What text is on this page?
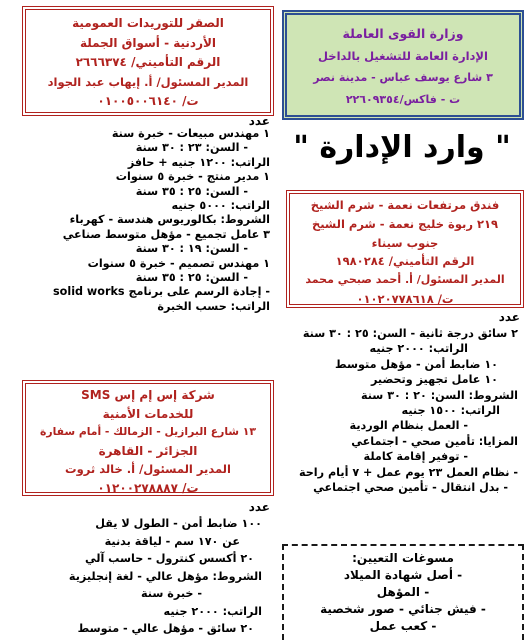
وزارة القوى العاملة
الإدارة العامة للتشغيل بالداخل
٣ شارع يوسف عباس - مدينة نصر
ت - فاكس/٢٢٦٠٩٣٥٤
الصقر للتوريدات العمومية
الأردنية - أسواق الجملة
الرقم التأميني/ ٢٦٦٦٣٧٤
المدير المسئول/ أ. إيهاب عبد الجواد
ت/ ٠١٠٠٥٠٠٦١٤٠
" وارد الإدارة "
عدد
١ مهندس مبيعات - خبرة سنة
- السن: ٢٣ : ٣٠ سنة
الراتب: ١٢٠٠ جنيه + حافز
١ مدير منتج - خبرة ٥ سنوات
- السن: ٢٥ : ٣٥ سنة
الراتب: ٥٠٠٠ جنيه
الشروط: بكالوريوس هندسة - كهرباء
٣ عامل تجميع - مؤهل متوسط صناعي
- السن: ١٩ : ٣٠ سنة
١ مهندس تصميم - خبرة ٥ سنوات
- السن: ٢٥ : ٣٥ سنة
- إجادة الرسم على برنامج solid works
الراتب: حسب الخبرة
فندق مرتفعات نعمة - شرم الشيخ
٢١٩ ربوة خليج نعمة - شرم الشيخ
جنوب سيناء
الرقم التأميني/ ١٩٨٠٢٨٤
المدير المسئول/ أ. أحمد صبحي محمد
ت/ ٠١٠٢٠٧٧٨٦١٨
عدد
٢ سائق درجة ثانية - السن: ٢٥ : ٣٠ سنة
الراتب: ٢٠٠٠ جنيه
١٠ ضابط أمن - مؤهل متوسط
١٠ عامل تجهيز وتحضير
الشروط: السن: ٢٠ : ٣٠ سنة
الراتب: ١٥٠٠ جنيه
- العمل بنظام الوردية
المزايا: تأمين صحي - اجتماعي
- توفير إقامة كاملة
- نظام العمل ٢٣ يوم عمل + ٧ أيام راحة
- بدل انتقال - تأمين صحي اجتماعي
شركة إس إم إس SMS
للخدمات الأمنية
١٣ شارع البرازيل - الزمالك - أمام سفارة
الجزائر - القاهرة
المدير المسئول/ أ. خالد ثروت
ت/ ٠١٢٠٠٢٧٨٨٨٧
عدد
١٠٠ ضابط أمن - الطول لا يقل
عن ١٧٠ سم - لياقة بدنية
٢٠ أكسس كنترول - حاسب آلي
الشروط: مؤهل عالي - لغة إنجليزية
- خبرة سنة
الراتب: ٢٠٠٠ جنيه
٢٠ سائق - مؤهل عالي - متوسط
مسوغات التعيين:
- أصل شهادة الميلاد
- المؤهل
- فيش جنائي - صور شخصية
- كعب عمل
